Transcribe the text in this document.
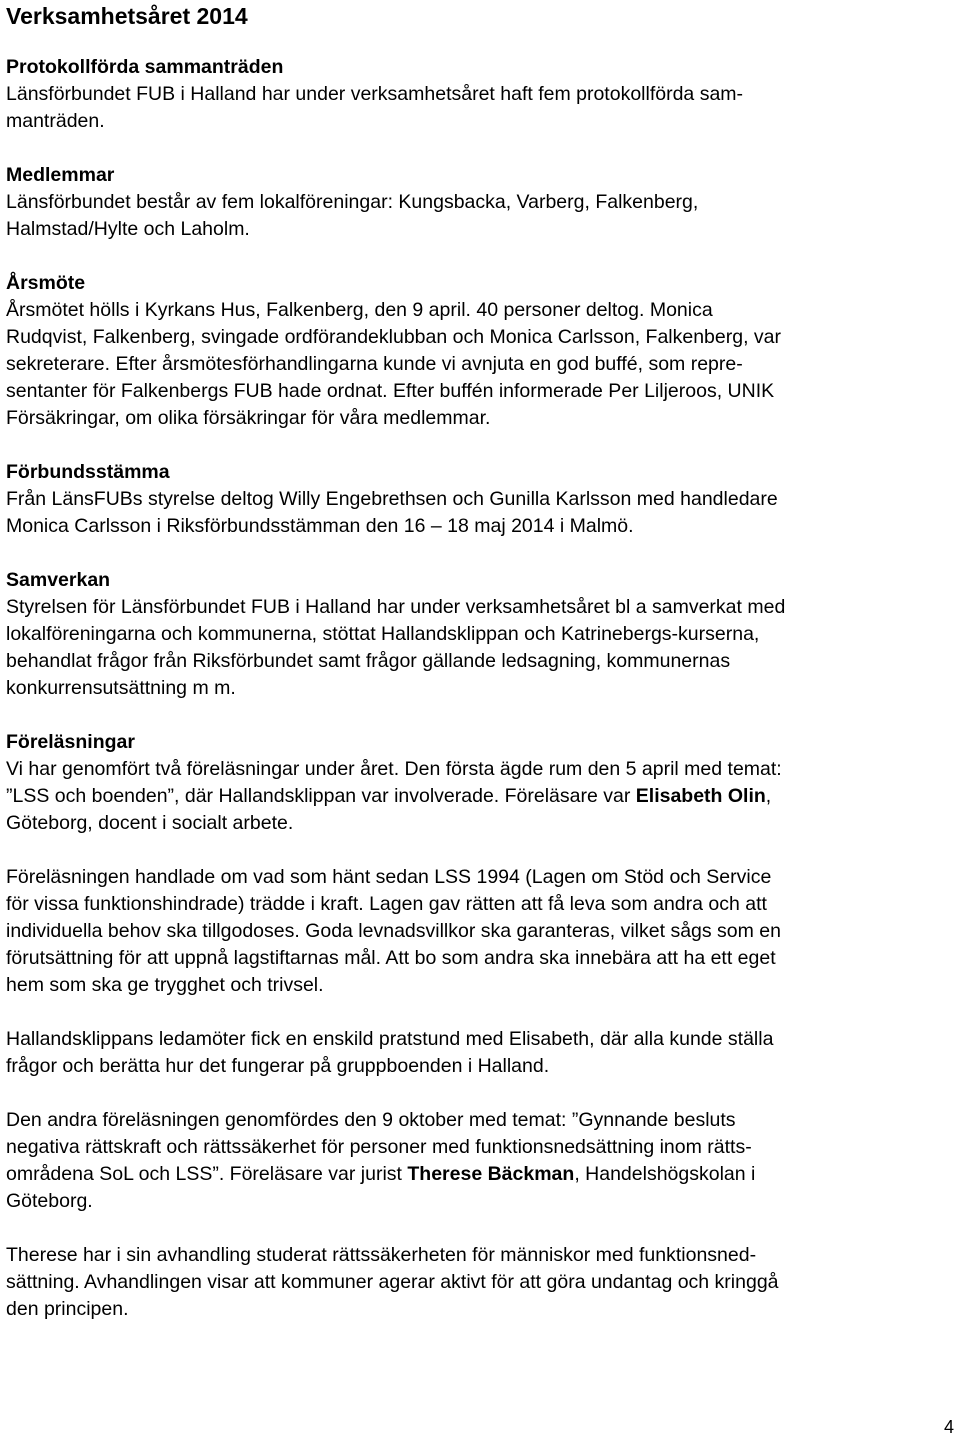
Verksamhetsåret 2014
Protokollförda sammanträden
Länsförbundet FUB i Halland har under verksamhetsåret haft fem protokollförda sam-
manträden.
Medlemmar
Länsförbundet består av fem lokalföreningar: Kungsbacka, Varberg, Falkenberg,
Halmstad/Hylte och Laholm.
Årsmöte
Årsmötet hölls i Kyrkans Hus, Falkenberg, den 9 april. 40 personer deltog. Monica
Rudqvist, Falkenberg, svingade ordförandeklubban och Monica Carlsson, Falkenberg, var
sekreterare. Efter årsmötesförhandlingarna kunde vi avnjuta en god buffé, som repre-
sentanter för Falkenbergs FUB hade ordnat. Efter buffén informerade Per Liljeroos, UNIK
Försäkringar, om olika försäkringar för våra medlemmar.
Förbundsstämma
Från LänsFUBs styrelse deltog Willy Engebrethsen och Gunilla Karlsson med handledare
Monica Carlsson i Riksförbundsstämman den 16 – 18 maj 2014 i Malmö.
Samverkan
Styrelsen för Länsförbundet FUB i Halland har under verksamhetsåret bl a samverkat med
lokalföreningarna och kommunerna, stöttat Hallandsklippan och Katrinebergs-kurserna,
behandlat frågor från Riksförbundet samt frågor gällande ledsagning, kommunernas
konkurrensutsättning m m.
Föreläsningar
Vi har genomfört två föreläsningar under året. Den första ägde rum den 5 april med temat:
”LSS och boenden”, där Hallandsklippan var involverade. Föreläsare var Elisabeth Olin,
Göteborg, docent i socialt arbete.
Föreläsningen handlade om vad som hänt sedan LSS 1994 (Lagen om Stöd och Service
för vissa funktionshindrade) trädde i kraft. Lagen gav rätten att få leva som andra och att
individuella behov ska tillgodoses. Goda levnadsvillkor ska garanteras, vilket sågs som en
förutsättning för att uppnå lagstiftarnas mål. Att bo som andra ska innebära att ha ett eget
hem som ska ge trygghet och trivsel.
Hallandsklippans ledamöter fick en enskild pratstund med Elisabeth, där alla kunde ställa
frågor och berätta hur det fungerar på gruppboenden i Halland.
Den andra föreläsningen genomfördes den 9 oktober med temat: ”Gynnande besluts
negativa rättskraft och rättssäkerhet för personer med funktionsnedsättning inom rätts-
områdena SoL och LSS”. Föreläsare var jurist Therese Bäckman, Handelshögskolan i
Göteborg.
Therese har i sin avhandling studerat rättssäkerheten för människor med funktionsned-
sättning. Avhandlingen visar att kommuner agerar aktivt för att göra undantag och kringgå
den principen.
4
